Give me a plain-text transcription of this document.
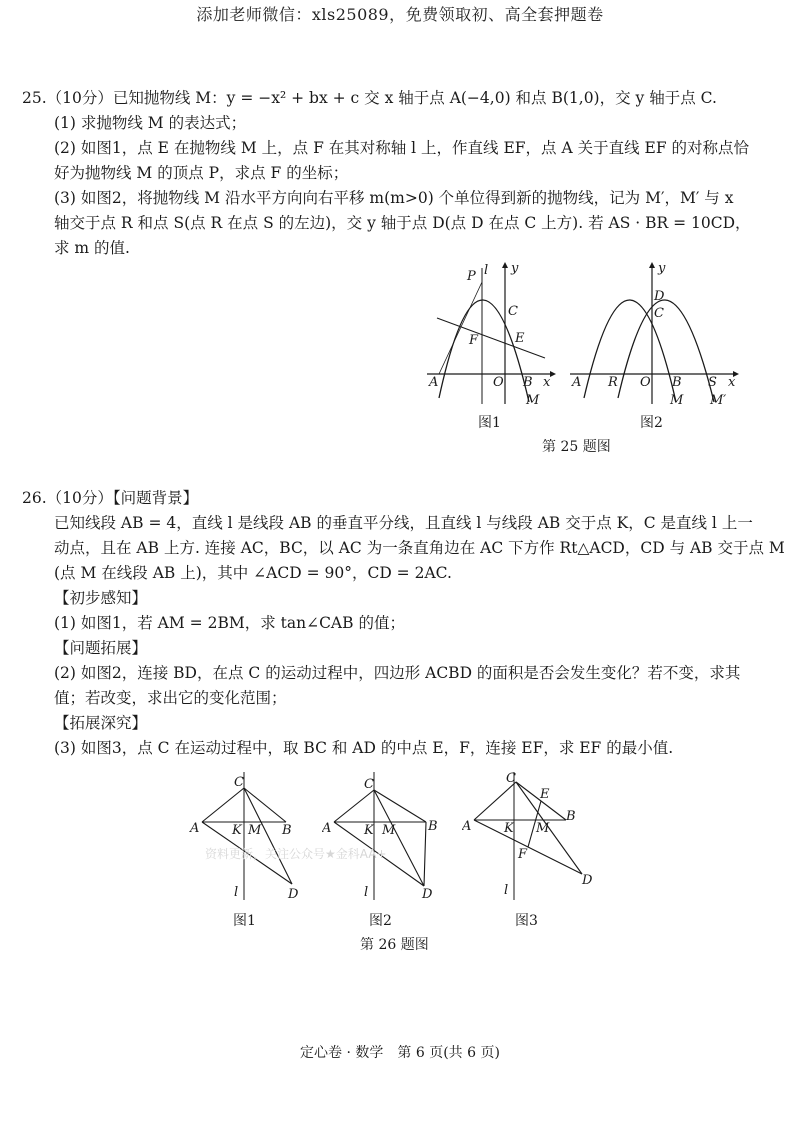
添加老师微信：xls25089，免费领取初、高全套押题卷
25.（10分）已知抛物线 M：y = −x² + bx + c 交 x 轴于点 A(−4,0) 和点 B(1,0)，交 y 轴于点 C.
(1) 求抛物线 M 的表达式；
(2) 如图1，点 E 在抛物线 M 上，点 F 在其对称轴 l 上，作直线 EF，点 A 关于直线 EF 的对称点恰
好为抛物线 M 的顶点 P，求点 F 的坐标；
(3) 如图2，将抛物线 M 沿水平方向向右平移 m(m>0) 个单位得到新的抛物线，记为 M′，M′ 与 x
轴交于点 R 和点 S(点 R 在点 S 的左边)，交 y 轴于点 D(点 D 在点 C 上方). 若 AS · BR = 10CD，
求 m 的值.
P l y
C
F	E
A	O B x
M
图1
y
D
C
A R O B S x
M M′
图2
第 25 题图
26.（10分）【问题背景】
已知线段 AB = 4，直线 l 是线段 AB 的垂直平分线，且直线 l 与线段 AB 交于点 K，C 是直线 l 上一
动点，且在 AB 上方. 连接 AC，BC，以 AC 为一条直角边在 AC 下方作 Rt△ACD，CD 与 AB 交于点 M
(点 M 在线段 AB 上)，其中 ∠ACD = 90°，CD = 2AC.
【初步感知】
(1) 如图1，若 AM = 2BM，求 tan∠CAB 的值；
【问题拓展】
(2) 如图2，连接 BD，在点 C 的运动过程中，四边形 ACBD 的面积是否会发生变化？若不变，求其
值；若改变，求出它的变化范围；
【拓展深究】
(3) 如图3，点 C 在运动过程中，取 BC 和 AD 的中点 E，F，连接 EF，求 EF 的最小值.
C
A	K M B
l	D
图1
C
A	K M	B
l	D
图2
C
E
A	K M
B
F
l
D
图3
第 26 题图
资料更新，关注公众号★金科AA+
定心卷 · 数学　第 6 页(共 6 页)
